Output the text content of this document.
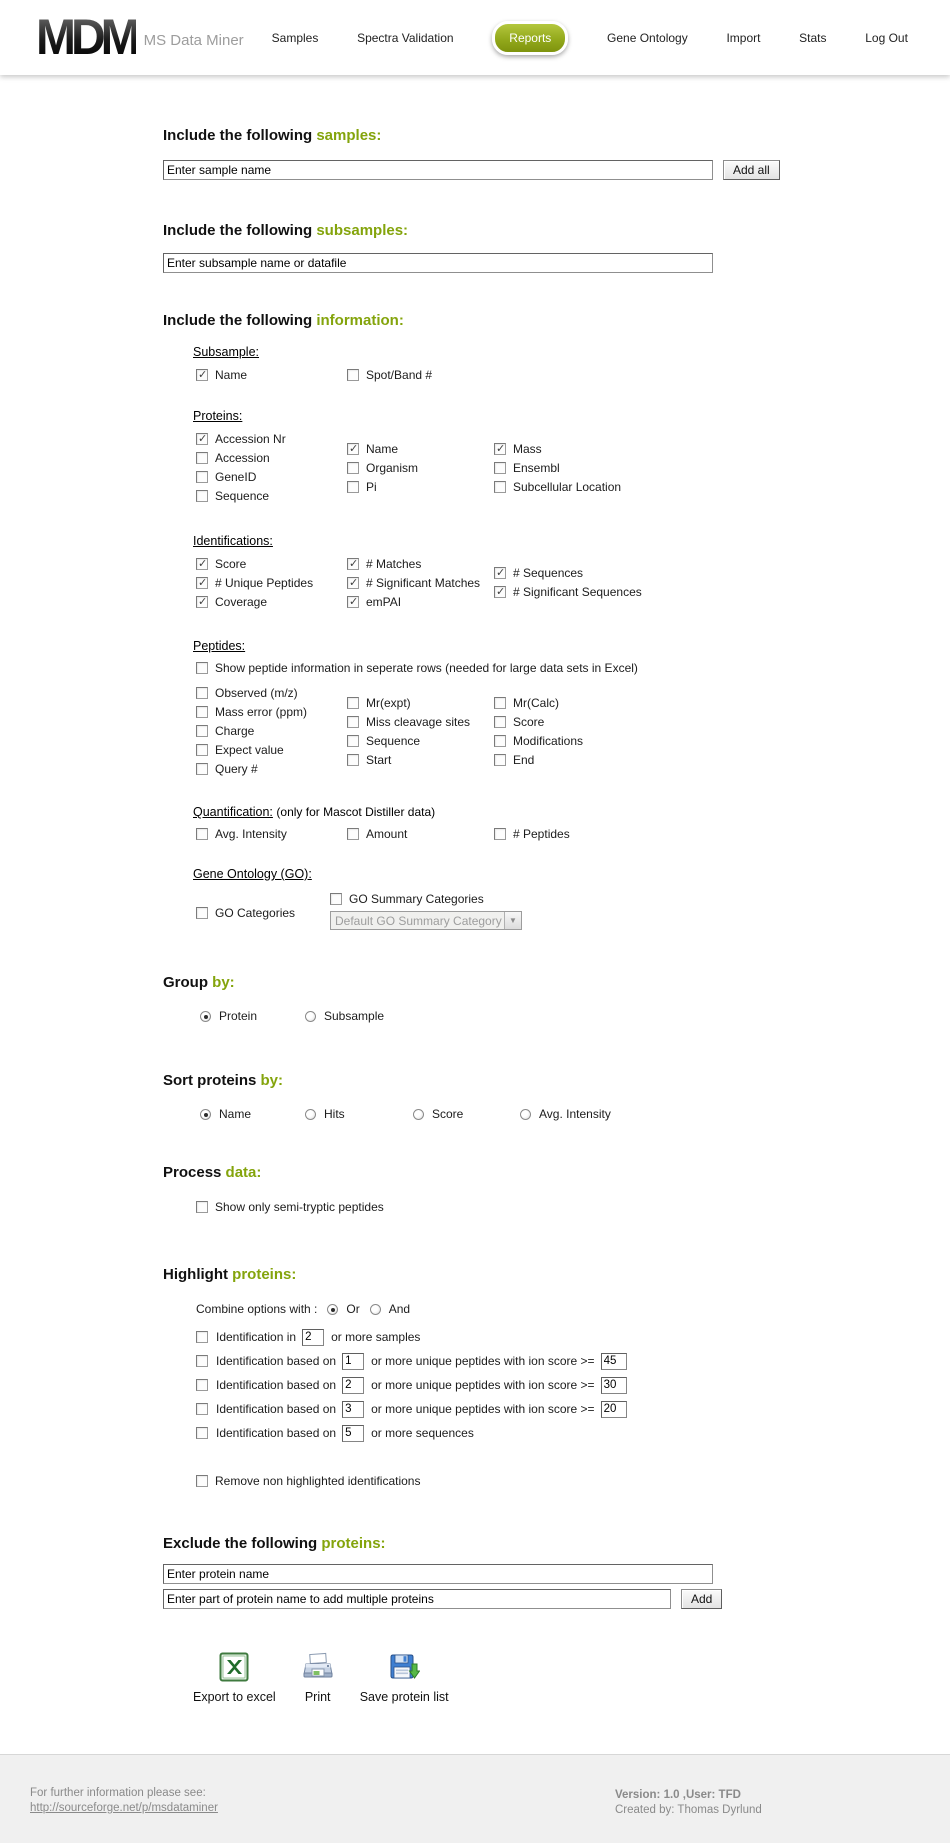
MDM MS Data Miner Samples	Spectra Validation	Reports	Gene Ontology	Import	Stats	Log Out
Include the following samples:
Enter sample name
Add all
Include the following subsamples:
Enter subsample name or datafile
Include the following information:
Subsample:
✓
Name	Spot/Band #
Proteins:
✓
Accession Nr
Accession
GeneID
Sequence
✓
Name
Organism
Pi
✓
Mass
Ensembl
Subcellular Location
Identifications:
✓
Score
✓
# Unique Peptides
✓
Coverage
✓
# Matches
✓
# Significant Matches
✓
emPAI
✓
# Sequences
✓
# Significant Sequences
Peptides:
Show peptide information in seperate rows (needed for large data sets in Excel)
Observed (m/z)
Mass error (ppm)
Charge
Expect value
Query #
Mr(expt)
Miss cleavage sites
Sequence
Start
Mr(Calc)
Score
Modifications
End
Quantification: (only for Mascot Distiller data)
Avg. Intensity	Amount	# Peptides
Gene Ontology (GO):
GO Categories
GO Summary Categories
Default GO Summary Category ▼
Group by:
Protein	Subsample
Sort proteins by:
Name	Hits	Score	Avg. Intensity
Process data:
Show only semi-tryptic peptides
Highlight proteins:
Combine options with : Or And
Identification in
2	or more samples
Identification based on
1	or more unique peptides with ion score >=
45
Identification based on
2	or more unique peptides with ion score >=
30
Identification based on
3	or more unique peptides with ion score >=
20
Identification based on
5	or more sequences
Remove non highlighted identifications
Exclude the following proteins:
Enter protein name
Enter part of protein name to add multiple proteins
Add
Export to excel Print Save protein list
For further information please see:
http://sourceforge.net/p/msdataminer
Version: 1.0 ,User: TFD
Created by: Thomas Dyrlund
